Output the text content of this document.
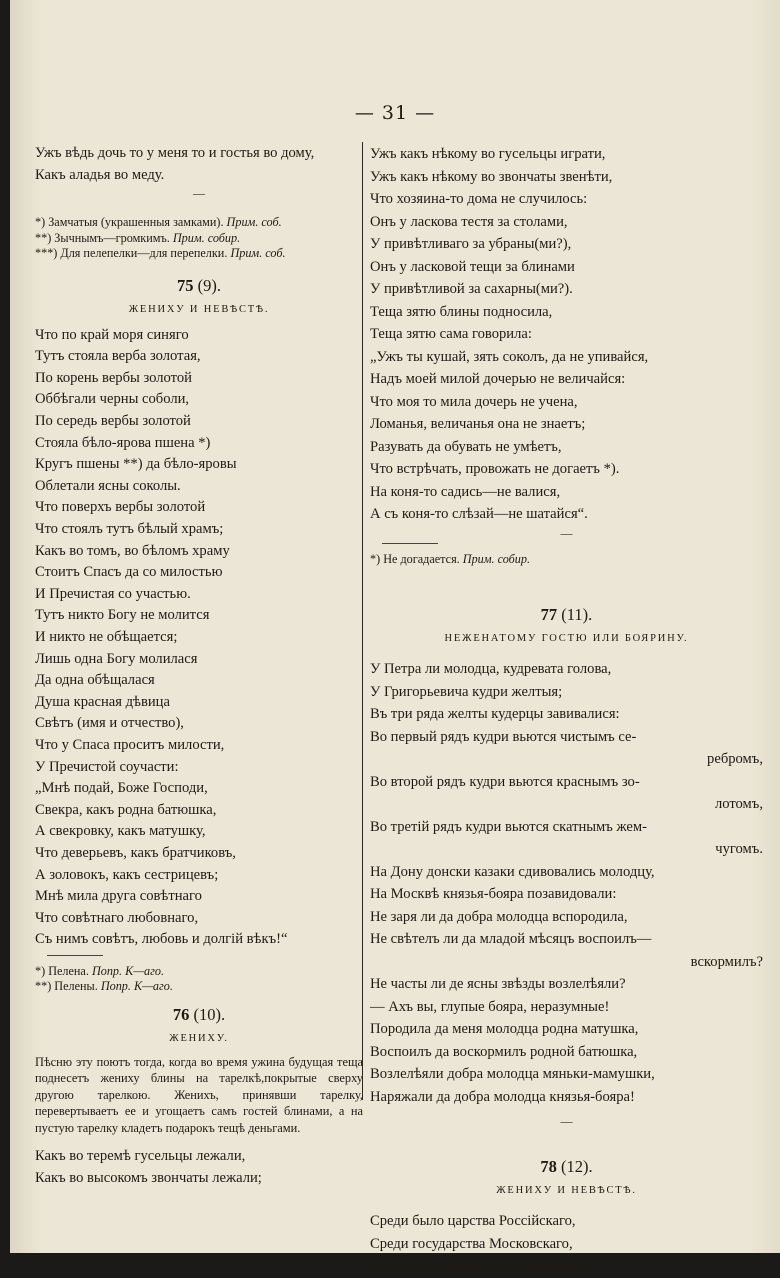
— 31 —

Ужъ вѣдь дочь то у меня то и гостья во дому,

Какъ аладья во меду.

—

*) Замчатыя (украшенныя замками). Прим. соб.

**) Зычнымъ—громкимъ. Прим. собир.

***) Для пелепелки—для перепелки. Прим. соб.

75 (9).

ЖЕНИХУ И НЕВѢСТѢ.

Что по край моря синяго

Тутъ стояла верба золотая,

По корень вербы золотой

Оббѣгали черны соболи,

По середь вербы золотой

Стояла бѣло-ярова пшена *)

Кругъ пшены **) да бѣло-яровы

Облетали ясны соколы.

Что поверхъ вербы золотой

Что стоялъ тутъ бѣлый храмъ;

Какъ во томъ, во бѣломъ храму

Стоитъ Спасъ да со милостью

И Пречистая со участью.

Тутъ никто Богу не молится

И никто не обѣщается;

Лишь одна Богу молилася

Да одна обѣщалася

Душа красная дѣвица

Свѣтъ (имя и отчество),

Что у Спаса проситъ милости,

У Пречистой соучасти:

„Мнѣ подай, Боже Господи,

Свекра, какъ родна батюшка,

А свекровку, какъ матушку,

Что деверьевъ, какъ братчиковъ,

А золовокъ, какъ сестрицевъ;

Мнѣ мила друга совѣтнаго

Что совѣтнаго любовнаго,

Съ нимъ совѣтъ, любовь и долгій вѣкъ!“

*) Пелена. Попр. К—аго.

**) Пелены. Попр. К—аго.

76 (10).

ЖЕНИХУ.

Пѣсню эту поютъ тогда, когда во время ужина будущая теща поднесетъ жениху блины на тарелкѣ,покрытые сверху другою тарелкою. Женихъ, принявши тарелку, перевертываетъ ее и угощаетъ самъ гостей блинами, а на пустую тарелку кладетъ подарокъ тещѣ деньгами.

Какъ во теремѣ гусельцы лежали,

Какъ во высокомъ звончаты лежали;

Ужъ какъ нѣкому во гусельцы играти,

Ужъ какъ нѣкому во звончаты звенѣти,

Что хозяина-то дома не случилось:

Онъ у ласкова тестя за столами,

У привѣтливаго за убраны(ми?),

Онъ у ласковой тещи за блинами

У привѣтливой за сахарны(ми?).

Теща зятю блины подносила,

Теща зятю сама говорила:

„Ужъ ты кушай, зять соколъ, да не упивайся,

Надъ моей милой дочерью не величайся:

Что моя то мила дочерь не учена,

Ломанья, величанья она не знаетъ;

Разувать да обувать не умѣетъ,

Что встрѣчать, провожать не догаетъ *).

На коня-то садись—не валися,

А съ коня-то слѣзай—не шатайся“.

—

*) Не догадается. Прим. собир.

77 (11).

НЕЖЕНАТОМУ ГОСТЮ ИЛИ БОЯРИНУ.

У Петра ли молодца, кудревата голова,

У Григорьевича кудри желтыя;

Въ три ряда желты кудерцы завивалися:

Во первый рядъ кудри вьются чистымъ се-

ребромъ,

Во второй рядъ кудри вьются краснымъ зо-

лотомъ,

Во третій рядъ кудри вьются скатнымъ жем-

чугомъ.

На Дону донски казаки сдивовались молодцу,

На Москвѣ князья-бояра позавидовали:

Не заря ли да добра молодца вспородила,

Не свѣтелъ ли да младой мѣсяцъ воспоилъ—

вскормилъ?

Не часты ли де ясны звѣзды возлелѣяли?

— Ахъ вы, глупые бояра, неразумные!

Породила да меня молодца родна матушка,

Воспоилъ да воскормилъ родной батюшка,

Возлелѣяли добра молодца мяньки-мамушки,

Наряжали да добра молодца князья-бояра!

—

78 (12).

ЖЕНИХУ И НЕВѢСТѢ.

Среди было царства Россійскаго,

Среди государства Московскаго,

Тутъ стояли палаты бѣлокаменны;
